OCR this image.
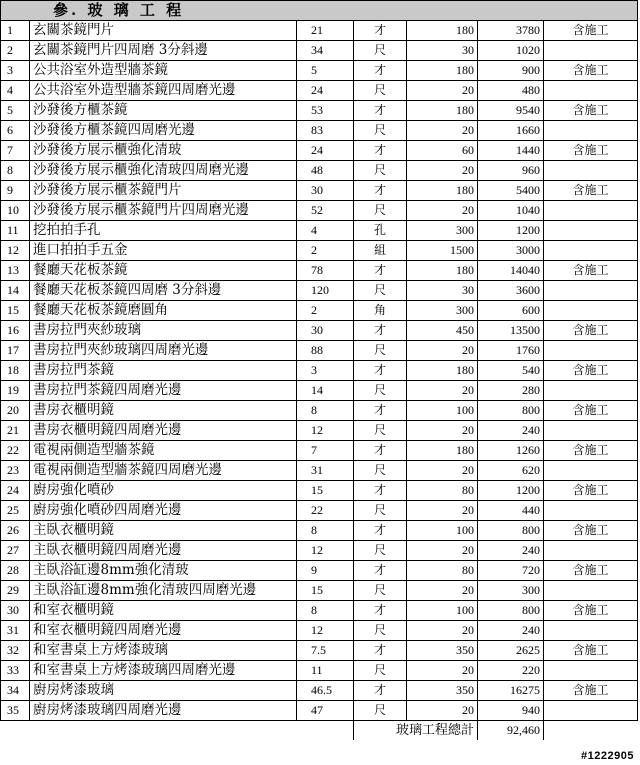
參. 玻 璃 工 程						
1	玄關茶鏡門片	21	才	180	3780	含施工
2	玄關茶鏡門片四周磨 3分斜邊	34	尺	30	1020	
3	公共浴室外造型牆茶鏡	5	才	180	900	含施工
4	公共浴室外造型牆茶鏡四周磨光邊	24	尺	20	480	
5	沙發後方櫃茶鏡	53	才	180	9540	含施工
6	沙發後方櫃茶鏡四周磨光邊	83	尺	20	1660	
7	沙發後方展示櫃強化清玻	24	才	60	1440	含施工
8	沙發後方展示櫃強化清玻四周磨光邊	48	尺	20	960	
9	沙發後方展示櫃茶鏡門片	30	才	180	5400	含施工
10	沙發後方展示櫃茶鏡門片四周磨光邊	52	尺	20	1040	
11	挖拍拍手孔	4	孔	300	1200	
12	進口拍拍手五金	2	組	1500	3000	
13	餐廳天花板茶鏡	78	才	180	14040	含施工
14	餐廳天花板茶鏡四周磨 3分斜邊	120	尺	30	3600	
15	餐廳天花板茶鏡磨圓角	2	角	300	600	
16	書房拉門夾紗玻璃	30	才	450	13500	含施工
17	書房拉門夾紗玻璃四周磨光邊	88	尺	20	1760	
18	書房拉門茶鏡	3	才	180	540	含施工
19	書房拉門茶鏡四周磨光邊	14	尺	20	280	
20	書房衣櫃明鏡	8	才	100	800	含施工
21	書房衣櫃明鏡四周磨光邊	12	尺	20	240	
22	電視兩側造型牆茶鏡	7	才	180	1260	含施工
23	電視兩側造型牆茶鏡四周磨光邊	31	尺	20	620	
24	廚房強化噴砂	15	才	80	1200	含施工
25	廚房強化噴砂四周磨光邊	22	尺	20	440	
26	主臥衣櫃明鏡	8	才	100	800	含施工
27	主臥衣櫃明鏡四周磨光邊	12	尺	20	240	
28	主臥浴缸邊8mm強化清玻	9	才	80	720	含施工
29	主臥浴缸邊8mm強化清玻四周磨光邊	15	尺	20	300	
30	和室衣櫃明鏡	8	才	100	800	含施工
31	和室衣櫃明鏡四周磨光邊	12	尺	20	240	
32	和室書桌上方烤漆玻璃	7.5	才	350	2625	含施工
33	和室書桌上方烤漆玻璃四周磨光邊	11	尺	20	220	
34	廚房烤漆玻璃	46.5	才	350	16275	含施工
35	廚房烤漆玻璃四周磨光邊	47	尺	20	940	
			玻璃工程總計		92,460	
#1222905
